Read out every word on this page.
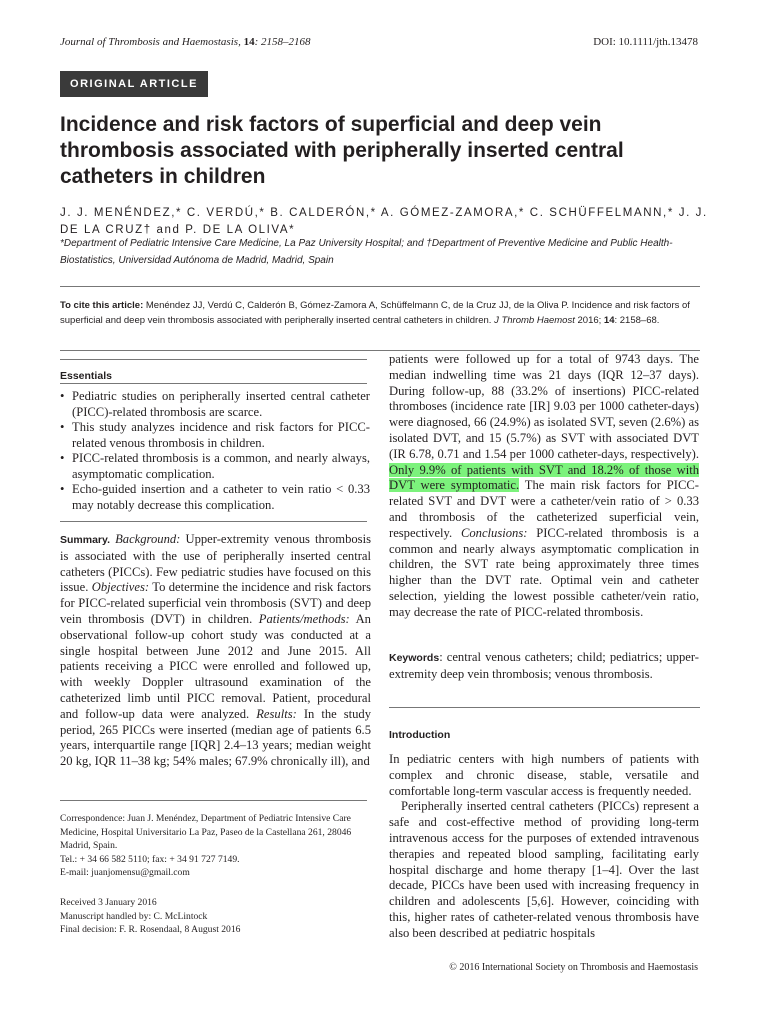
Journal of Thrombosis and Haemostasis, 14: 2158–2168	DOI: 10.1111/jth.13478
ORIGINAL ARTICLE
Incidence and risk factors of superficial and deep vein thrombosis associated with peripherally inserted central catheters in children
J. J. MENÉNDEZ,* C. VERDÚ,* B. CALDERÓN,* A. GÓMEZ-ZAMORA,* C. SCHÜFFELMANN,* J. J. DE LA CRUZ† and P. DE LA OLIVA*
*Department of Pediatric Intensive Care Medicine, La Paz University Hospital; and †Department of Preventive Medicine and Public Health-Biostatistics, Universidad Autónoma de Madrid, Madrid, Spain
To cite this article: Menéndez JJ, Verdú C, Calderón B, Gómez-Zamora A, Schüffelmann C, de la Cruz JJ, de la Oliva P. Incidence and risk factors of superficial and deep vein thrombosis associated with peripherally inserted central catheters in children. J Thromb Haemost 2016; 14: 2158–68.
Essentials
• Pediatric studies on peripherally inserted central catheter (PICC)-related thrombosis are scarce.
• This study analyzes incidence and risk factors for PICC-related venous thrombosis in children.
• PICC-related thrombosis is a common, and nearly always, asymptomatic complication.
• Echo-guided insertion and a catheter to vein ratio < 0.33 may notably decrease this complication.

Summary. Background: Upper-extremity venous thrombosis is associated with the use of peripherally inserted central catheters (PICCs). Few pediatric studies have focused on this issue. Objectives: To determine the incidence and risk factors for PICC-related superficial vein thrombosis (SVT) and deep vein thrombosis (DVT) in children. Patients/methods: An observational follow-up cohort study was conducted at a single hospital between June 2012 and June 2015. All patients receiving a PICC were enrolled and followed up, with weekly Doppler ultrasound examination of the catheterized limb until PICC removal. Patient, procedural and follow-up data were analyzed. Results: In the study period, 265 PICCs were inserted (median age of patients 6.5 years, interquartile range [IQR] 2.4–13 years; median weight 20 kg, IQR 11–38 kg; 54% males; 67.9% chronically ill), and

Correspondence: Juan J. Menéndez, Department of Pediatric Intensive Care Medicine, Hospital Universitario La Paz, Paseo de la Castellana 261, 28046 Madrid, Spain.
Tel.: + 34 66 582 5110; fax: + 34 91 727 7149.
E-mail: juanjomensu@gmail.com
Received 3 January 2016
Manuscript handled by: C. McLintock
Final decision: F. R. Rosendaal, 8 August 2016

patients were followed up for a total of 9743 days. The median indwelling time was 21 days (IQR 12–37 days). During follow-up, 88 (33.2% of insertions) PICC-related thromboses (incidence rate [IR] 9.03 per 1000 catheter-days) were diagnosed, 66 (24.9%) as isolated SVT, seven (2.6%) as isolated DVT, and 15 (5.7%) as SVT with associated DVT (IR 6.78, 0.71 and 1.54 per 1000 catheter-days, respectively). Only 9.9% of patients with SVT and 18.2% of those with DVT were symptomatic. The main risk factors for PICC-related SVT and DVT were a catheter/vein ratio of > 0.33 and thrombosis of the catheterized superficial vein, respectively. Conclusions: PICC-related thrombosis is a common and nearly always asymptomatic complication in children, the SVT rate being approximately three times higher than the DVT rate. Optimal vein and catheter selection, yielding the lowest possible catheter/vein ratio, may decrease the rate of PICC-related thrombosis.

Keywords: central venous catheters; child; pediatrics; upper-extremity deep vein thrombosis; venous thrombosis.

Introduction

In pediatric centers with high numbers of patients with complex and chronic disease, stable, versatile and comfortable long-term vascular access is frequently needed.

Peripherally inserted central catheters (PICCs) represent a safe and cost-effective method of providing long-term intravenous access for the purposes of extended intravenous therapies and repeated blood sampling, facilitating early hospital discharge and home therapy [1–4]. Over the last decade, PICCs have been used with increasing frequency in children and adolescents [5,6]. However, coinciding with this, higher rates of catheter-related venous thrombosis have also been described at pediatric hospitals

© 2016 International Society on Thrombosis and Haemostasis
